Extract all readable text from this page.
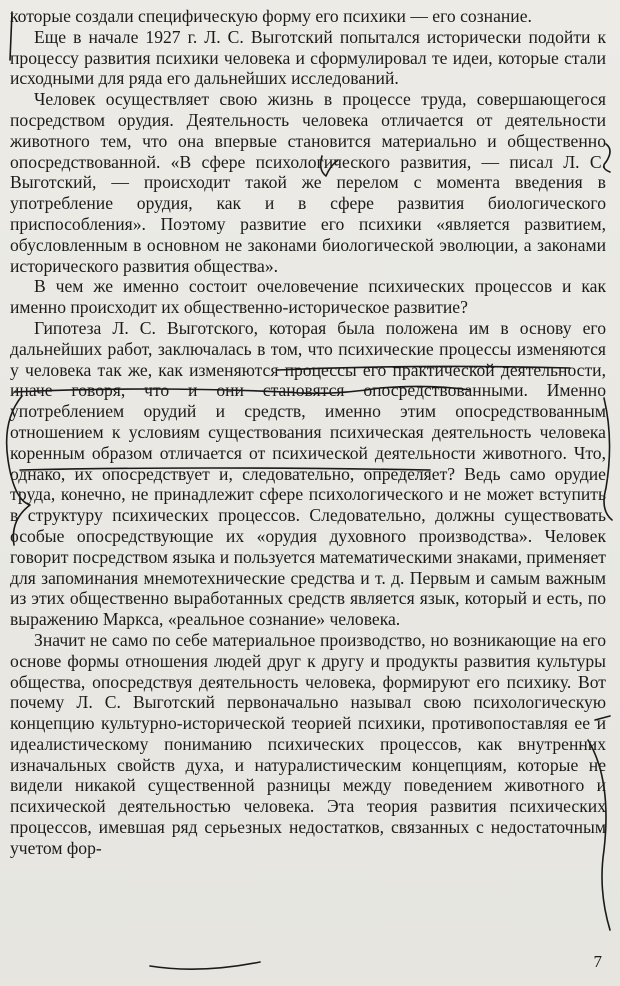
которые создали специфическую форму его психики — его сознание.

Еще в начале 1927 г. Л. С. Выготский попытался исторически подойти к процессу развития психики человека и сформулировал те идеи, которые стали исходными для ряда его дальнейших исследований.

Человек осуществляет свою жизнь в процессе труда, совершающегося посредством орудия. Деятельность человека отличается от деятельности животного тем, что она впервые становится материально и общественно опосредствованной. «В сфере психологического развития, — писал Л. С. Выготский, — происходит такой же перелом с момента введения в употребление орудия, как и в сфере развития биологического приспособления». Поэтому развитие его психики «является развитием, обусловленным в основном не законами биологической эволюции, а законами исторического развития общества».

В чем же именно состоит очеловечение психических процессов и как именно происходит их общественно-историческое развитие?

Гипотеза Л. С. Выготского, которая была положена им в основу его дальнейших работ, заключалась в том, что психические процессы изменяются у человека так же, как изменяются процессы его практической деятельности, иначе говоря, что и они становятся опосредствованными. Именно употреблением орудий и средств, именно этим опосредствованным отношением к условиям существования психическая деятельность человека коренным образом отличается от психической деятельности животного. Что, однако, их опосредствует и, следовательно, определяет? Ведь само орудие труда, конечно, не принадлежит сфере психологического и не может вступить в структуру психических процессов. Следовательно, должны существовать особые опосредствующие их «орудия духовного производства». Человек говорит посредством языка и пользуется математическими знаками, применяет для запоминания мнемотехнические средства и т. д. Первым и самым важным из этих общественно выработанных средств является язык, который и есть, по выражению Маркса, «реальное сознание» человека.

Значит не само по себе материальное производство, но возникающие на его основе формы отношения людей друг к другу и продукты развития культуры общества, опосредствуя деятельность человека, формируют его психику. Вот почему Л. С. Выготский первоначально называл свою психологическую концепцию культурно-исторической теорией психики, противопоставляя ее и идеалистическому пониманию психических процессов, как внутренних изначальных свойств духа, и натуралистическим концепциям, которые не видели никакой существенной разницы между поведением животного и психической деятельностью человека. Эта теория развития психических процессов, имевшая ряд серьезных недостатков, связанных с недостаточным учетом фор-

7
